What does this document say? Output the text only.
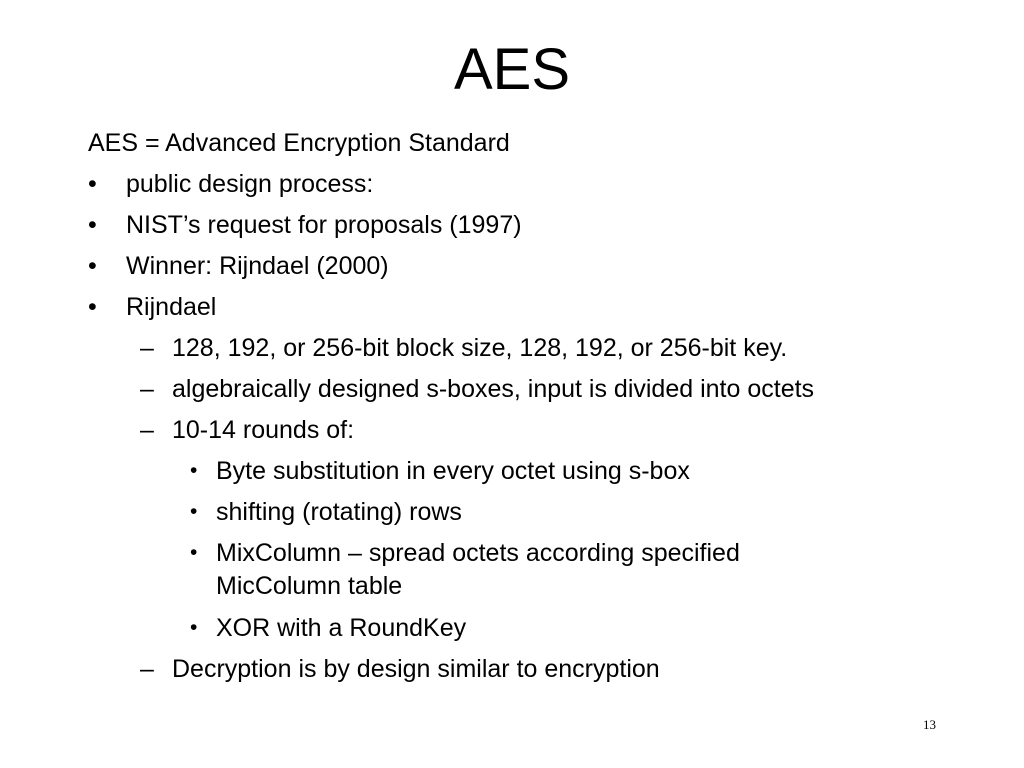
AES
AES = Advanced Encryption Standard
• public design process:
• NIST’s request for proposals (1997)
• Winner: Rijndael (2000)
• Rijndael
– 128, 192, or 256-bit block size, 128, 192, or 256-bit key.
– algebraically designed s-boxes, input is divided into octets
– 10-14 rounds of:
• Byte substitution in every octet using s-box
• shifting (rotating) rows
• MixColumn – spread octets according specified
MicColumn table
• XOR with a RoundKey
– Decryption is by design similar to encryption
13
